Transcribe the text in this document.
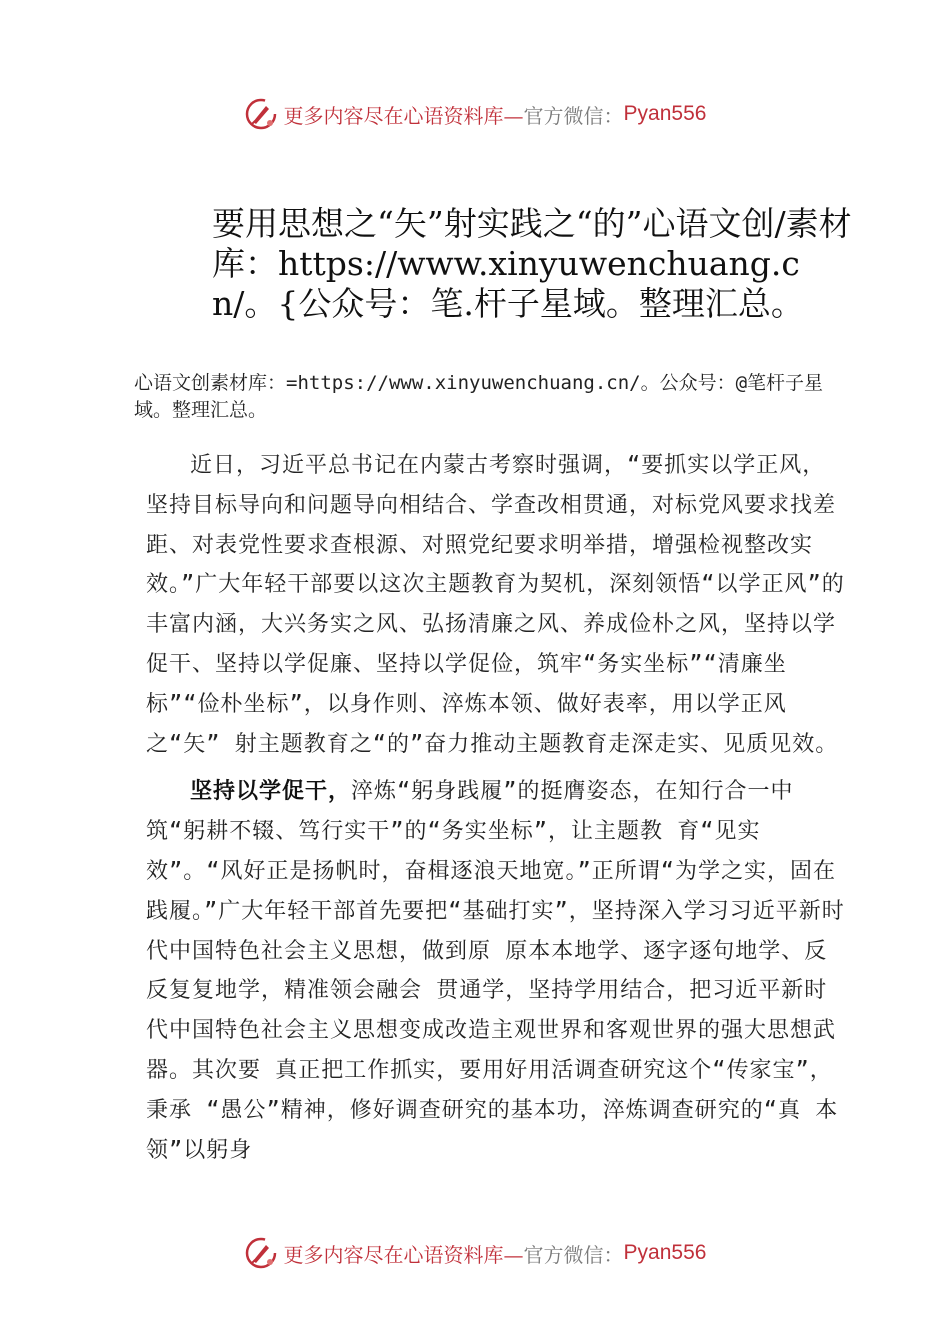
更多内容尽在心语资料库— 官方微信： Pyan556
要用思想之“矢”射实践之“的”心语文创/素材库：https://www.xinyuwenchuang.cn/。{公众号：笔.杆子星域。整理汇总。

心语文创素材库：=https://www.xinyuwenchuang.cn/。公众号：@笔杆子星域。整理汇总。

近日，习近平总书记在内蒙古考察时强调，“要抓实以学正风，坚持目标导向和问题导向相结合、学查改相贯通，对标党风要求找差距、对表党性要求查根源、对照党纪要求明举措，增强检视整改实效。”广大年轻干部要以这次主题教育为契机，深刻领悟“以学正风”的丰富内涵，大兴务实之风、弘扬清廉之风、养成俭朴之风，坚持以学促干、坚持以学促廉、坚持以学促俭，筑牢“务实坐标”“清廉坐标”“俭朴坐标”，以身作则、淬炼本领、做好表率，用以学正风之“矢” 射主题教育之“的”奋力推动主题教育走深走实、见质见效。

坚持以学促干，淬炼“躬身践履”的挺膺姿态，在知行合一中筑“躬耕不辍、笃行实干”的“务实坐标”，让主题教 育“见实效”。“风好正是扬帆时，奋楫逐浪天地宽。”正所谓“为学之实，固在践履。”广大年轻干部首先要把“基础打实”，坚持深入学习习近平新时代中国特色社会主义思想，做到原 原本本地学、逐字逐句地学、反反复复地学，精准领会融会 贯通学，坚持学用结合，把习近平新时代中国特色社会主义思想变成改造主观世界和客观世界的强大思想武器。其次要 真正把工作抓实，要用好用活调查研究这个“传家宝”，秉承 “愚公”精神，修好调查研究的基本功，淬炼调查研究的“真 本领”以躬身

更多内容尽在心语资料库— 官方微信： Pyan556
